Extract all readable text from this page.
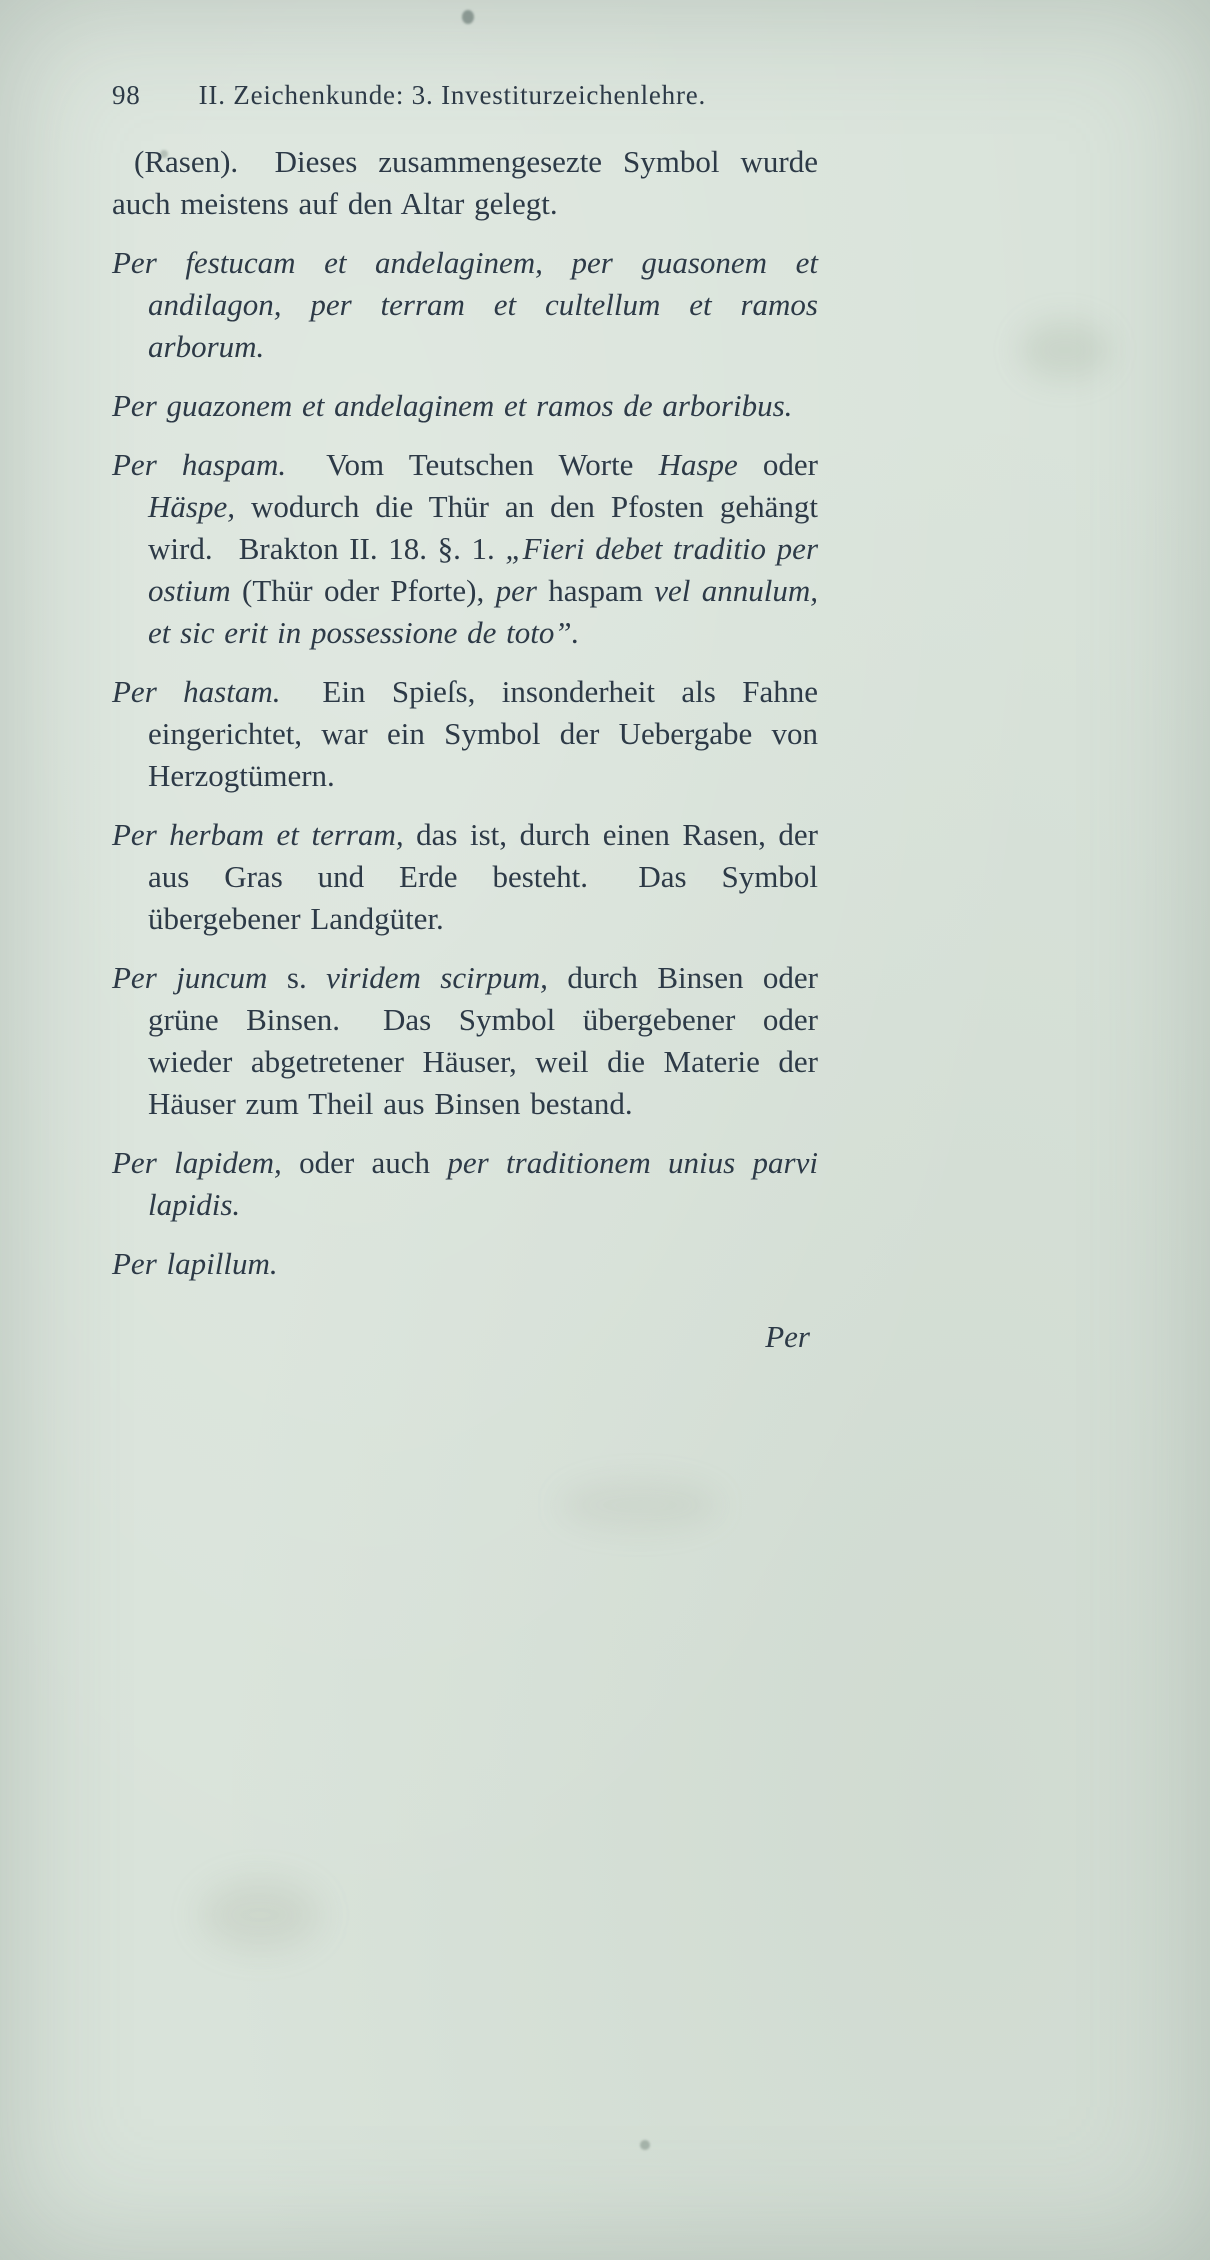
98 II. Zeichenkunde: 3. Investiturzeichenlehre.

(Rasen).  Dieses zusammengesezte Symbol wurde auch meistens auf den Altar gelegt.

Per festucam et andelaginem, per guasonem et andilagon, per terram et cultellum et ramos arborum.

Per guazonem et andelaginem et ramos de arboribus.

Per haspam.  Vom Teutschen Worte Haspe oder Häspe, wodurch die Thür an den Pfosten gehängt wird.  Brakton II. 18. §. 1. „Fieri debet traditio per ostium (Thür oder Pforte), per haspam vel annulum, et sic erit in possessione de toto”.

Per hastam.  Ein Spieſs, insonderheit als Fahne eingerichtet, war ein Symbol der Uebergabe von Herzogtümern.

Per herbam et terram, das ist, durch einen Rasen, der aus Gras und Erde besteht.  Das Symbol übergebener Landgüter.

Per juncum s. viridem scirpum, durch Binsen oder grüne Binsen.  Das Symbol übergebener oder wieder abgetretener Häuser, weil die Materie der Häuser zum Theil aus Binsen bestand.

Per lapidem, oder auch per traditionem unius parvi lapidis.

Per lapillum.

Per
